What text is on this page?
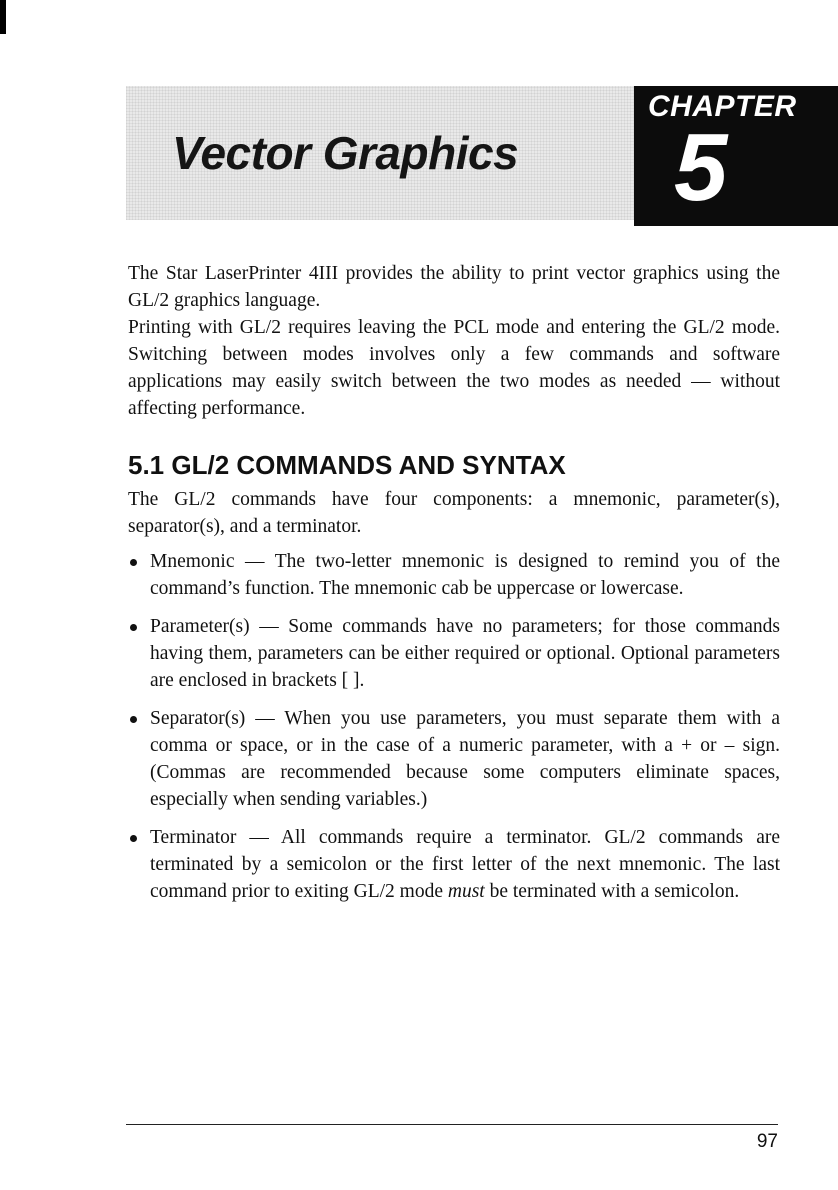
Vector Graphics
CHAPTER
5

The Star LaserPrinter 4III provides the ability to print vector graphics using the GL/2 graphics language.

Printing with GL/2 requires leaving the PCL mode and entering the GL/2 mode. Switching between modes involves only a few commands and software applications may easily switch between the two modes as needed — without affecting performance.

5.1 GL/2 COMMANDS AND SYNTAX

The GL/2 commands have four components: a mnemonic, parameter(s), separator(s), and a terminator.

Mnemonic — The two-letter mnemonic is designed to remind you of the command’s function. The mnemonic cab be uppercase or lowercase.
Parameter(s) — Some commands have no parameters; for those commands having them, parameters can be either required or optional. Optional parameters are enclosed in brackets [ ].
Separator(s) — When you use parameters, you must separate them with a comma or space, or in the case of a numeric parameter, with a + or – sign. (Commas are recommended because some computers eliminate spaces, especially when sending variables.)
Terminator — All commands require a terminator. GL/2 commands are terminated by a semicolon or the first letter of the next mnemonic. The last command prior to exiting GL/2 mode must be terminated with a semicolon.
97
